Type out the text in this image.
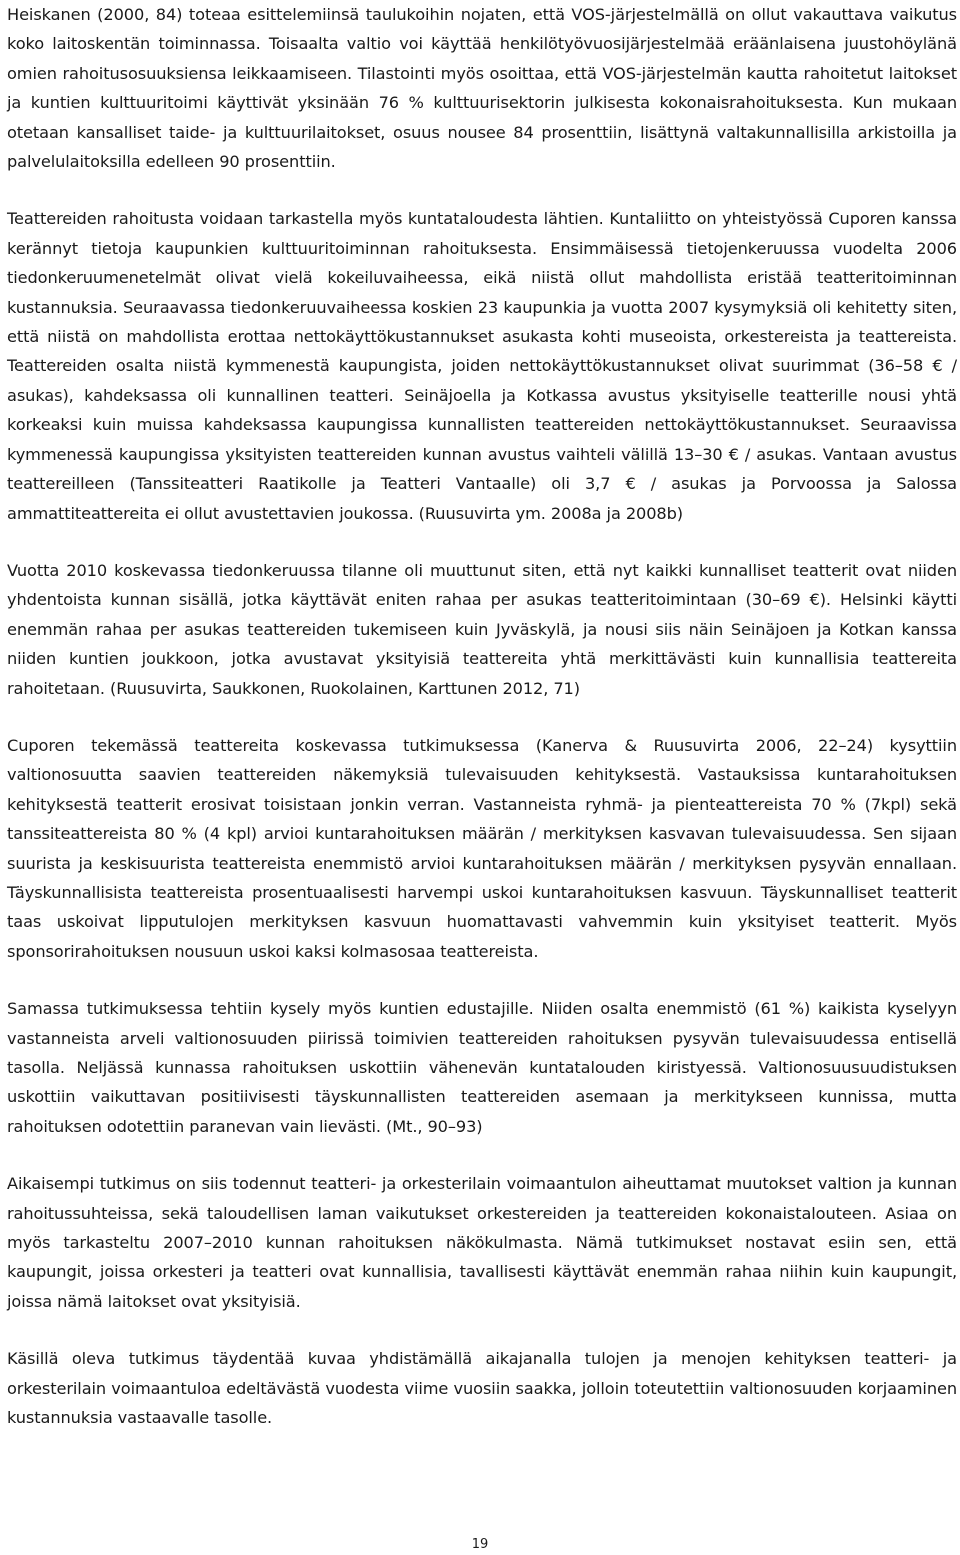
Heiskanen (2000, 84) toteaa esittelemiinsä taulukoihin nojaten, että VOS-järjestelmällä on ollut vakauttava vaikutus koko laitoskentän toiminnassa. Toisaalta valtio voi käyttää henkilötyövuosijärjestelmää eräänlaisena juustohöylänä omien rahoitusosuuksiensa leikkaamiseen. Tilastointi myös osoittaa, että VOS-järjestelmän kautta rahoitetut laitokset ja kuntien kulttuuritoimi käyttivät yksinään 76 % kulttuurisektorin julkisesta kokonaisrahoituksesta. Kun mukaan otetaan kansalliset taide- ja kulttuurilaitokset, osuus nousee 84 prosenttiin, lisättynä valtakunnallisilla arkistoilla ja palvelulaitoksilla edelleen 90 prosenttiin.

Teattereiden rahoitusta voidaan tarkastella myös kuntataloudesta lähtien. Kuntaliitto on yhteistyössä Cuporen kanssa kerännyt tietoja kaupunkien kulttuuritoiminnan rahoituksesta. Ensimmäisessä tietojenkeruussa vuodelta 2006 tiedonkeruumenetelmät olivat vielä kokeiluvaiheessa, eikä niistä ollut mahdollista eristää teatteritoiminnan kustannuksia. Seuraavassa tiedonkeruuvaiheessa koskien 23 kaupunkia ja vuotta 2007 kysymyksiä oli kehitetty siten, että niistä on mahdollista erottaa nettokäyttökustannukset asukasta kohti museoista, orkestereista ja teattereista. Teattereiden osalta niistä kymmenestä kaupungista, joiden nettokäyttökustannukset olivat suurimmat (36–58 € / asukas), kahdeksassa oli kunnallinen teatteri. Seinäjoella ja Kotkassa avustus yksityiselle teatterille nousi yhtä korkeaksi kuin muissa kahdeksassa kaupungissa kunnallisten teattereiden nettokäyttökustannukset. Seuraavissa kymmenessä kaupungissa yksityisten teattereiden kunnan avustus vaihteli välillä 13–30 € / asukas. Vantaan avustus teattereilleen (Tanssiteatteri Raatikolle ja Teatteri Vantaalle) oli 3,7 € / asukas ja Porvoossa ja Salossa ammattiteattereita ei ollut avustettavien joukossa. (Ruusuvirta ym. 2008a ja 2008b)

Vuotta 2010 koskevassa tiedonkeruussa tilanne oli muuttunut siten, että nyt kaikki kunnalliset teatterit ovat niiden yhdentoista kunnan sisällä, jotka käyttävät eniten rahaa per asukas teatteritoimintaan (30–69 €). Helsinki käytti enemmän rahaa per asukas teattereiden tukemiseen kuin Jyväskylä, ja nousi siis näin Seinäjoen ja Kotkan kanssa niiden kuntien joukkoon, jotka avustavat yksityisiä teattereita yhtä merkittävästi kuin kunnallisia teattereita rahoitetaan. (Ruusuvirta, Saukkonen, Ruokolainen, Karttunen 2012, 71)

Cuporen tekemässä teattereita koskevassa tutkimuksessa (Kanerva & Ruusuvirta 2006, 22–24) kysyttiin valtionosuutta saavien teattereiden näkemyksiä tulevaisuuden kehityksestä. Vastauksissa kuntarahoituksen kehityksestä teatterit erosivat toisistaan jonkin verran. Vastanneista ryhmä- ja pienteattereista 70 % (7kpl) sekä tanssiteattereista 80 % (4 kpl) arvioi kuntarahoituksen määrän / merkityksen kasvavan tulevaisuudessa. Sen sijaan suurista ja keskisuurista teattereista enemmistö arvioi kuntarahoituksen määrän / merkityksen pysyvän ennallaan. Täyskunnallisista teattereista prosentuaalisesti harvempi uskoi kuntarahoituksen kasvuun. Täyskunnalliset teatterit taas uskoivat lipputulojen merkityksen kasvuun huomattavasti vahvemmin kuin yksityiset teatterit. Myös sponsorirahoituksen nousuun uskoi kaksi kolmasosaa teattereista.

Samassa tutkimuksessa tehtiin kysely myös kuntien edustajille. Niiden osalta enemmistö (61 %) kaikista kyselyyn vastanneista arveli valtionosuuden piirissä toimivien teattereiden rahoituksen pysyvän tulevaisuudessa entisellä tasolla. Neljässä kunnassa rahoituksen uskottiin vähenevän kuntatalouden kiristyessä. Valtionosuusuudistuksen uskottiin vaikuttavan positiivisesti täyskunnallisten teattereiden asemaan ja merkitykseen kunnissa, mutta rahoituksen odotettiin paranevan vain lievästi. (Mt., 90–93)

Aikaisempi tutkimus on siis todennut teatteri- ja orkesterilain voimaantulon aiheuttamat muutokset valtion ja kunnan rahoitussuhteissa, sekä taloudellisen laman vaikutukset orkestereiden ja teattereiden kokonaistalouteen. Asiaa on myös tarkasteltu 2007–2010 kunnan rahoituksen näkökulmasta. Nämä tutkimukset nostavat esiin sen, että kaupungit, joissa orkesteri ja teatteri ovat kunnallisia, tavallisesti käyttävät enemmän rahaa niihin kuin kaupungit, joissa nämä laitokset ovat yksityisiä.

Käsillä oleva tutkimus täydentää kuvaa yhdistämällä aikajanalla tulojen ja menojen kehityksen teatteri- ja orkesterilain voimaantuloa edeltävästä vuodesta viime vuosiin saakka, jolloin toteutettiin valtionosuuden korjaaminen kustannuksia vastaavalle tasolle.

19
